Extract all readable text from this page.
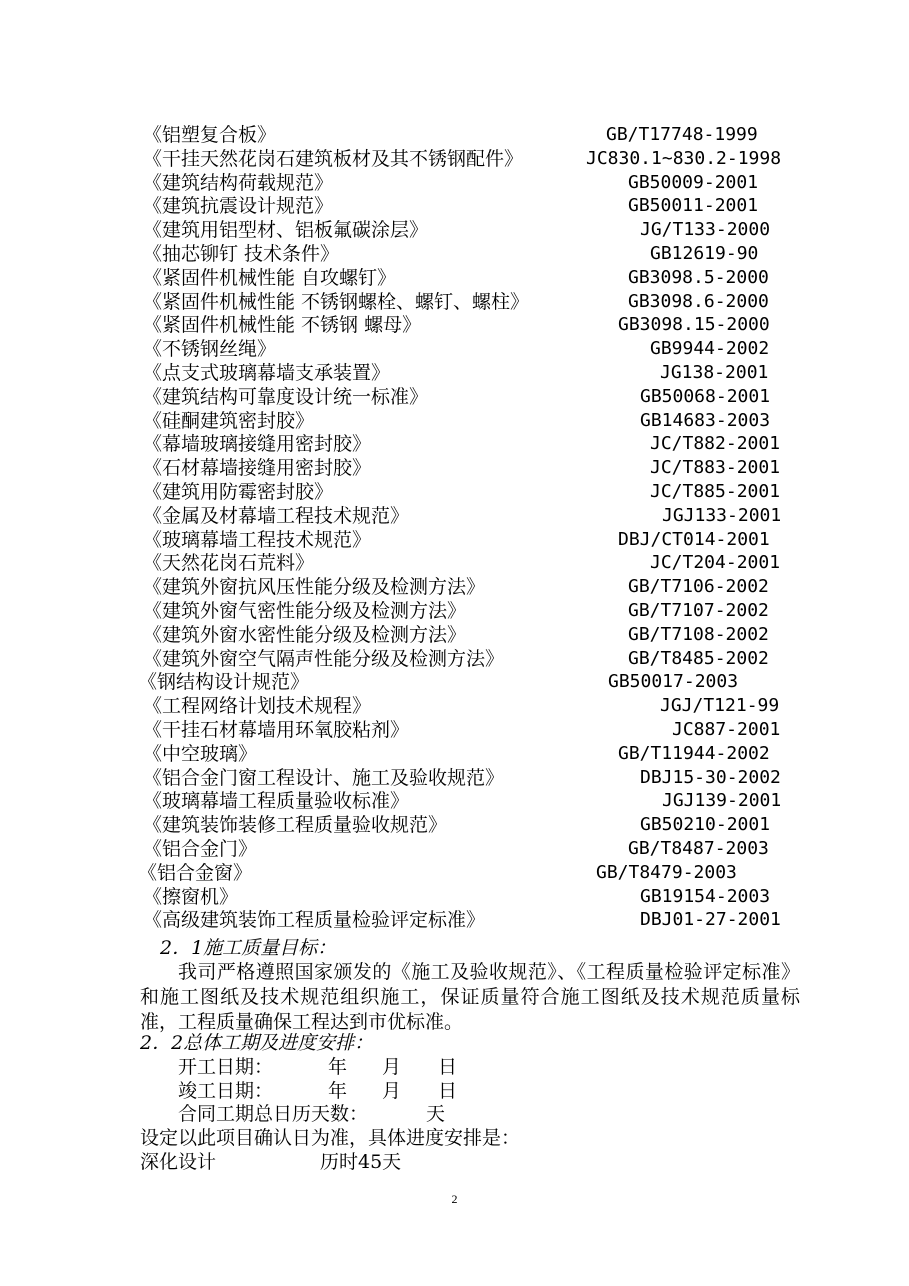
《铝塑复合板》	GB/T17748-1999
《干挂天然花岗石建筑板材及其不锈钢配件》	JC830.1~830.2-1998
《建筑结构荷载规范》	GB50009-2001
《建筑抗震设计规范》	GB50011-2001
《建筑用铝型材、铝板氟碳涂层》	JG/T133-2000
《抽芯铆钉 技术条件》	GB12619-90
《紧固件机械性能 自攻螺钉》	GB3098.5-2000
《紧固件机械性能 不锈钢螺栓、螺钉、螺柱》	GB3098.6-2000
《紧固件机械性能 不锈钢 螺母》	GB3098.15-2000
《不锈钢丝绳》	GB9944-2002
《点支式玻璃幕墙支承装置》	JG138-2001
《建筑结构可靠度设计统一标准》	GB50068-2001
《硅酮建筑密封胶》	GB14683-2003
《幕墙玻璃接缝用密封胶》	JC/T882-2001
《石材幕墙接缝用密封胶》	JC/T883-2001
《建筑用防霉密封胶》	JC/T885-2001
《金属及材幕墙工程技术规范》	JGJ133-2001
《玻璃幕墙工程技术规范》	DBJ/CT014-2001
《天然花岗石荒料》	JC/T204-2001
《建筑外窗抗风压性能分级及检测方法》	GB/T7106-2002
《建筑外窗气密性能分级及检测方法》	GB/T7107-2002
《建筑外窗水密性能分级及检测方法》	GB/T7108-2002
《建筑外窗空气隔声性能分级及检测方法》	GB/T8485-2002
《钢结构设计规范》	GB50017-2003
《工程网络计划技术规程》	JGJ/T121-99
《干挂石材幕墙用环氧胶粘剂》	JC887-2001
《中空玻璃》	GB/T11944-2002
《铝合金门窗工程设计、施工及验收规范》	DBJ15-30-2002
《玻璃幕墙工程质量验收标准》	JGJ139-2001
《建筑装饰装修工程质量验收规范》	GB50210-2001
《铝合金门》	GB/T8487-2003
《铝合金窗》	GB/T8479-2003
《擦窗机》	GB19154-2003
《高级建筑装饰工程质量检验评定标准》	DBJ01-27-2001
2．1施工质量目标：
我司严格遵照国家颁发的《施工及验收规范》、《工程质量检验评定标准》和施工图纸及技术规范组织施工，保证质量符合施工图纸及技术规范质量标准，工程质量确保工程达到市优标准。
2．2总体工期及进度安排：
开工日期：	年 月 日
竣工日期：	年 月 日
合同工期总日历天数：	天
设定以此项目确认日为准，具体进度安排是：
深化设计	历时45天
2
